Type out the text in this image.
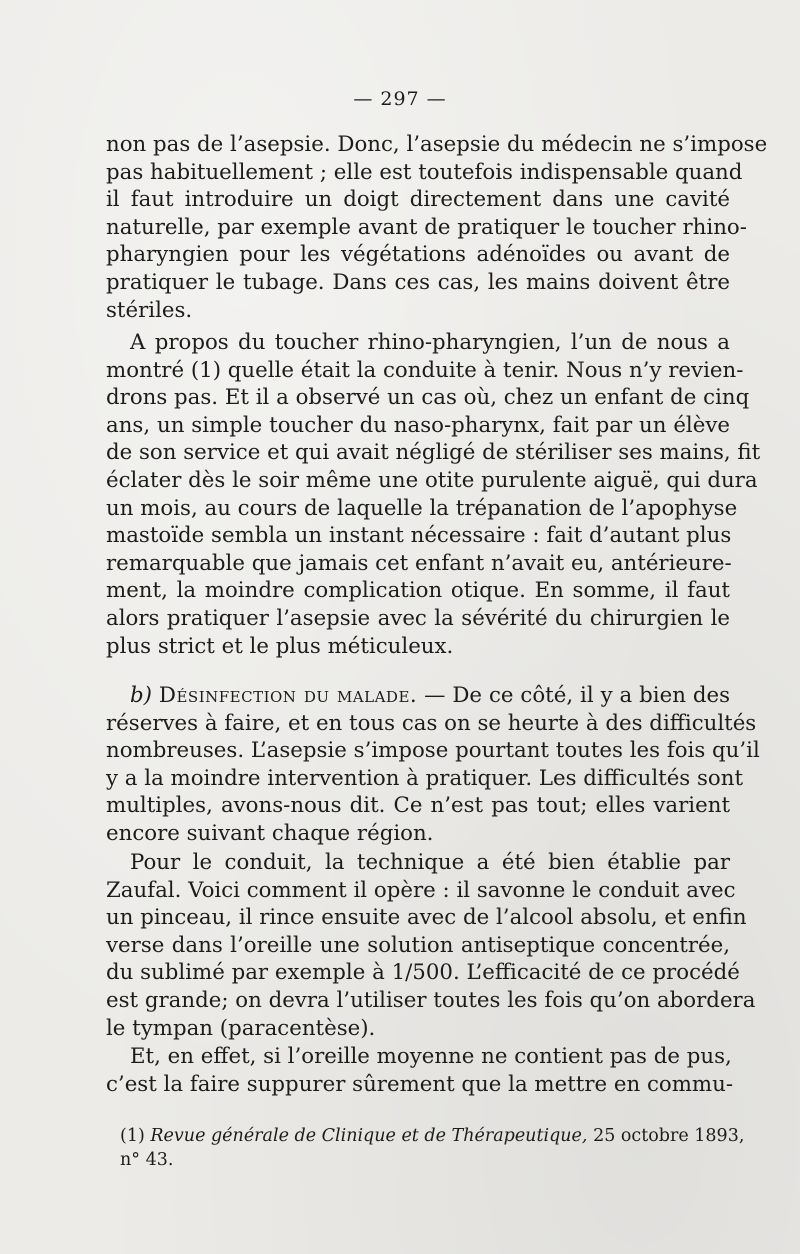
— 297 —
non pas de l’asepsie. Donc, l’asepsie du médecin ne s’impose
pas habituellement ; elle est toutefois indispensable quand
il faut introduire un doigt directement dans une cavité
naturelle, par exemple avant de pratiquer le toucher rhino-
pharyngien pour les végétations adénoïdes ou avant de
pratiquer le tubage. Dans ces cas, les mains doivent être
stériles.
A propos du toucher rhino-pharyngien, l’un de nous a
montré (1) quelle était la conduite à tenir. Nous n’y revien-
drons pas. Et il a observé un cas où, chez un enfant de cinq
ans, un simple toucher du naso-pharynx, fait par un élève
de son service et qui avait négligé de stériliser ses mains, fit
éclater dès le soir même une otite purulente aiguë, qui dura
un mois, au cours de laquelle la trépanation de l’apophyse
mastoïde sembla un instant nécessaire : fait d’autant plus
remarquable que jamais cet enfant n’avait eu, antérieure-
ment, la moindre complication otique. En somme, il faut
alors pratiquer l’asepsie avec la sévérité du chirurgien le
plus strict et le plus méticuleux.
b) Désinfection du malade. — De ce côté, il y a bien des
réserves à faire, et en tous cas on se heurte à des difficultés
nombreuses. L’asepsie s’impose pourtant toutes les fois qu’il
y a la moindre intervention à pratiquer. Les difficultés sont
multiples, avons-nous dit. Ce n’est pas tout; elles varient
encore suivant chaque région.
Pour le conduit, la technique a été bien établie par
Zaufal. Voici comment il opère : il savonne le conduit avec
un pinceau, il rince ensuite avec de l’alcool absolu, et enfin
verse dans l’oreille une solution antiseptique concentrée,
du sublimé par exemple à 1/500. L’efficacité de ce procédé
est grande; on devra l’utiliser toutes les fois qu’on abordera
le tympan (paracentèse).
Et, en effet, si l’oreille moyenne ne contient pas de pus,
c’est la faire suppurer sûrement que la mettre en commu-
(1) Revue générale de Clinique et de Thérapeutique, 25 octobre 1893,
n° 43.
